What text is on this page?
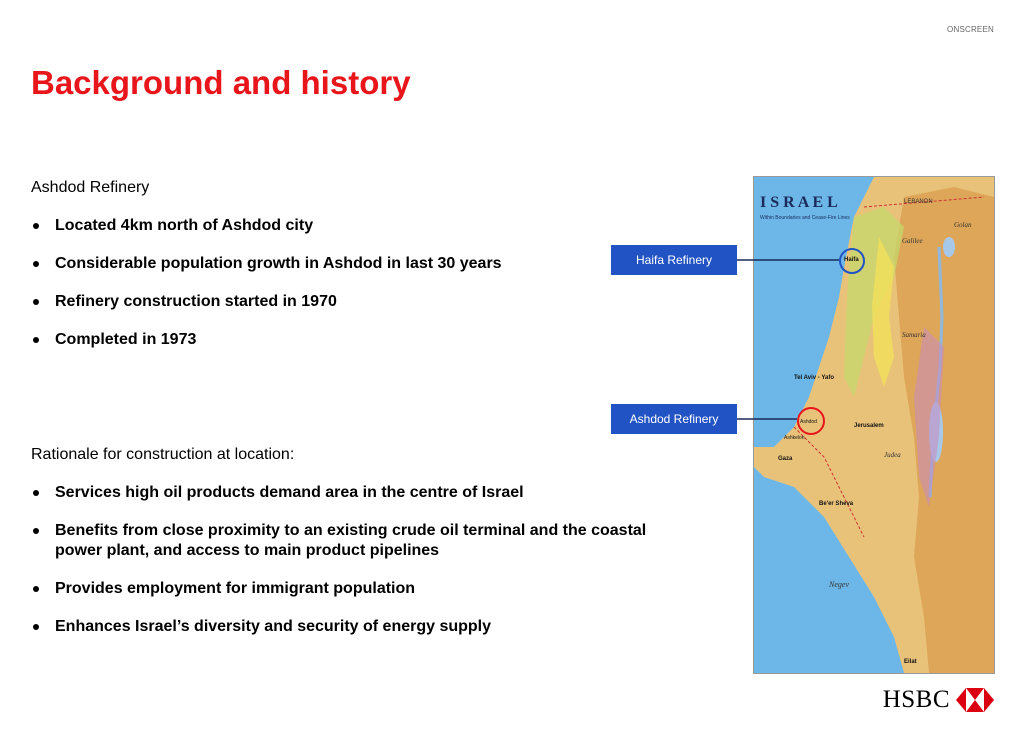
ONSCREEN
Background and history
Ashdod Refinery
Located 4km north of Ashdod city
Considerable population growth in Ashdod in last 30 years
Refinery construction started in 1970
Completed in 1973
Rationale for construction at location:
Services high oil products demand area in the centre of Israel
Benefits from close proximity to an existing crude oil terminal and the coastal power plant, and access to main product pipelines
Provides employment for immigrant population
Enhances Israel’s diversity and security of energy supply
I S R A E L
Within Boundaries and Cease-Fire Lines
LEBANON
Golan
Galilee
Samaria
Judea
Negev
Haifa
Tel Aviv - Yafo
Ashdod
Jerusalem
Gaza
Be'er Sheva
Ashkelon
Eilat
Haifa Refinery
Ashdod Refinery
HSBC
